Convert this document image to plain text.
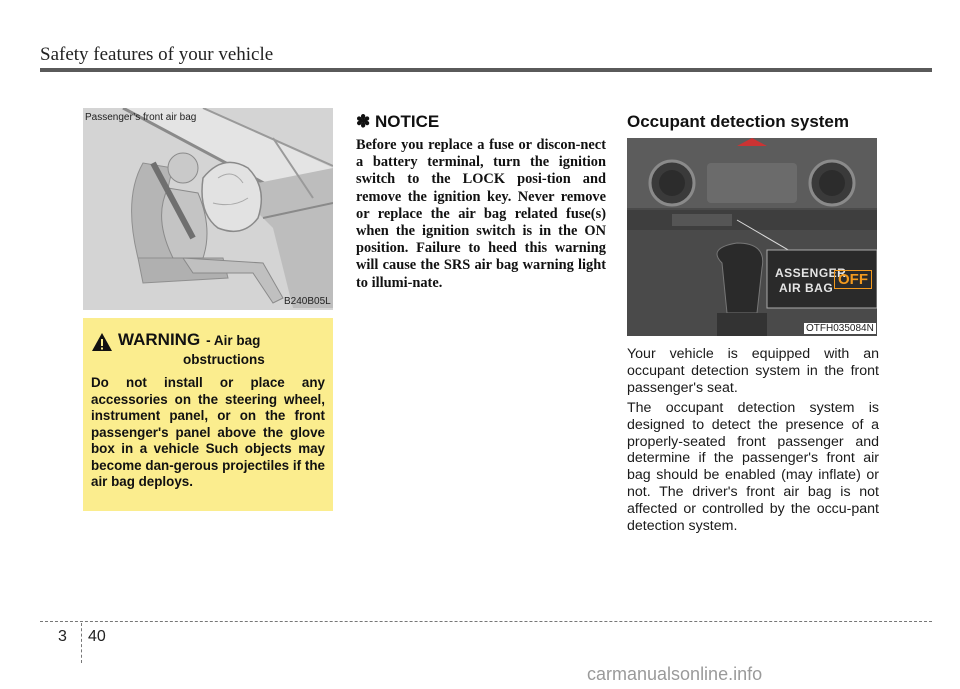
Safety features of your vehicle
Passenger’s front air bag
B240B05L
WARNING - Air bag
obstructions
Do not install or place any accessories on the steering wheel, instrument panel, or on the front passenger's panel above the glove box in a vehicle Such objects may become dan-gerous projectiles if the air bag deploys.
✽ NOTICE
Before you replace a fuse or discon-nect a battery terminal, turn the ignition switch to the LOCK posi-tion and remove the ignition key. Never remove or replace the air bag related fuse(s) when the ignition switch is in the ON position. Failure to heed this warning will cause the SRS air bag warning light to illumi-nate.
Occupant detection system
ASSENGER
AIR BAG OFF
OTFH035084N
Your vehicle is equipped with an occupant detection system in the front passenger's seat.
The occupant detection system is designed to detect the presence of a properly-seated front passenger and determine if the passenger's front air bag should be enabled (may inflate) or not. The driver's front air bag is not affected or controlled by the occu-pant detection system.
3 40
carmanualsonline.info
